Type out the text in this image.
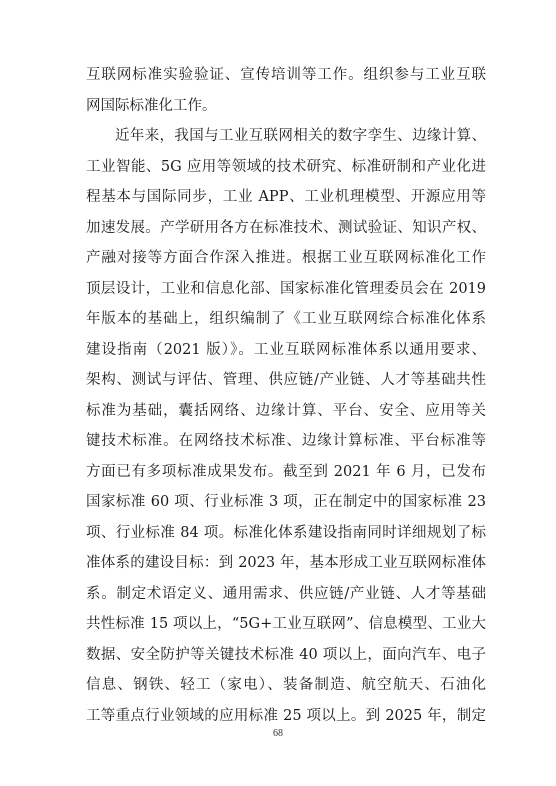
互联网标准实验验证、宣传培训等工作。组织参与工业互联
网国际标准化工作。
近年来，我国与工业互联网相关的数字孪生、边缘计算、
工业智能、5G 应用等领域的技术研究、标准研制和产业化进
程基本与国际同步，工业 APP、工业机理模型、开源应用等
加速发展。产学研用各方在标准技术、测试验证、知识产权、
产融对接等方面合作深入推进。根据工业互联网标准化工作
顶层设计，工业和信息化部、国家标准化管理委员会在 2019
年版本的基础上，组织编制了《工业互联网综合标准化体系
建设指南（2021 版）》。工业互联网标准体系以通用要求、
架构、测试与评估、管理、供应链/产业链、人才等基础共性
标准为基础，囊括网络、边缘计算、平台、安全、应用等关
键技术标准。在网络技术标准、边缘计算标准、平台标准等
方面已有多项标准成果发布。截至到 2021 年 6 月，已发布
国家标准 60 项、行业标准 3 项，正在制定中的国家标准 23
项、行业标准 84 项。标准化体系建设指南同时详细规划了标
准体系的建设目标：到 2023 年，基本形成工业互联网标准体
系。制定术语定义、通用需求、供应链/产业链、人才等基础
共性标准 15 项以上，“5G+工业互联网”、信息模型、工业大
数据、安全防护等关键技术标准 40 项以上，面向汽车、电子
信息、钢铁、轻工（家电）、装备制造、航空航天、石油化
工等重点行业领域的应用标准 25 项以上。到 2025 年，制定
68
